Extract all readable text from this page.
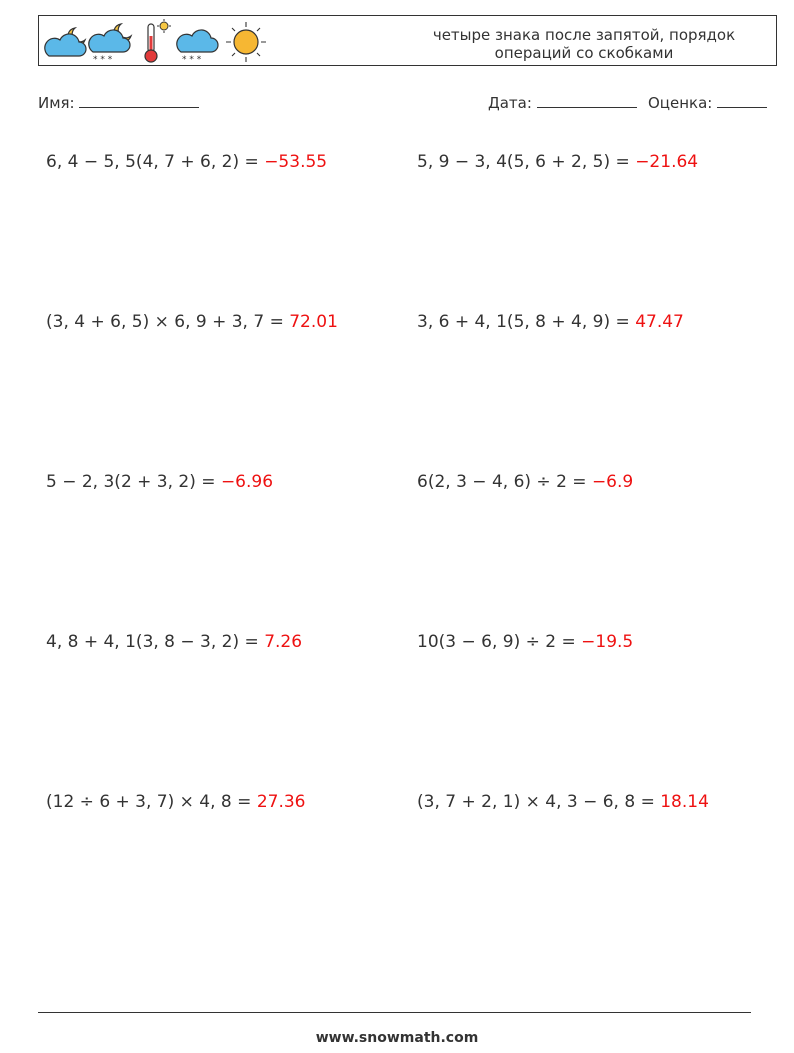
* * *	* * *
четыре знака после запятой, порядок
операций со скобками
Имя:	Дата:	Оценка:
6, 4 − 5, 5(4, 7 + 6, 2) = −53.55	5, 9 − 3, 4(5, 6 + 2, 5) = −21.64
(3, 4 + 6, 5) × 6, 9 + 3, 7 = 72.01	3, 6 + 4, 1(5, 8 + 4, 9) = 47.47
5 − 2, 3(2 + 3, 2) = −6.96	6(2, 3 − 4, 6) ÷ 2 = −6.9
4, 8 + 4, 1(3, 8 − 3, 2) = 7.26	10(3 − 6, 9) ÷ 2 = −19.5
(12 ÷ 6 + 3, 7) × 4, 8 = 27.36	(3, 7 + 2, 1) × 4, 3 − 6, 8 = 18.14
www.snowmath.com
